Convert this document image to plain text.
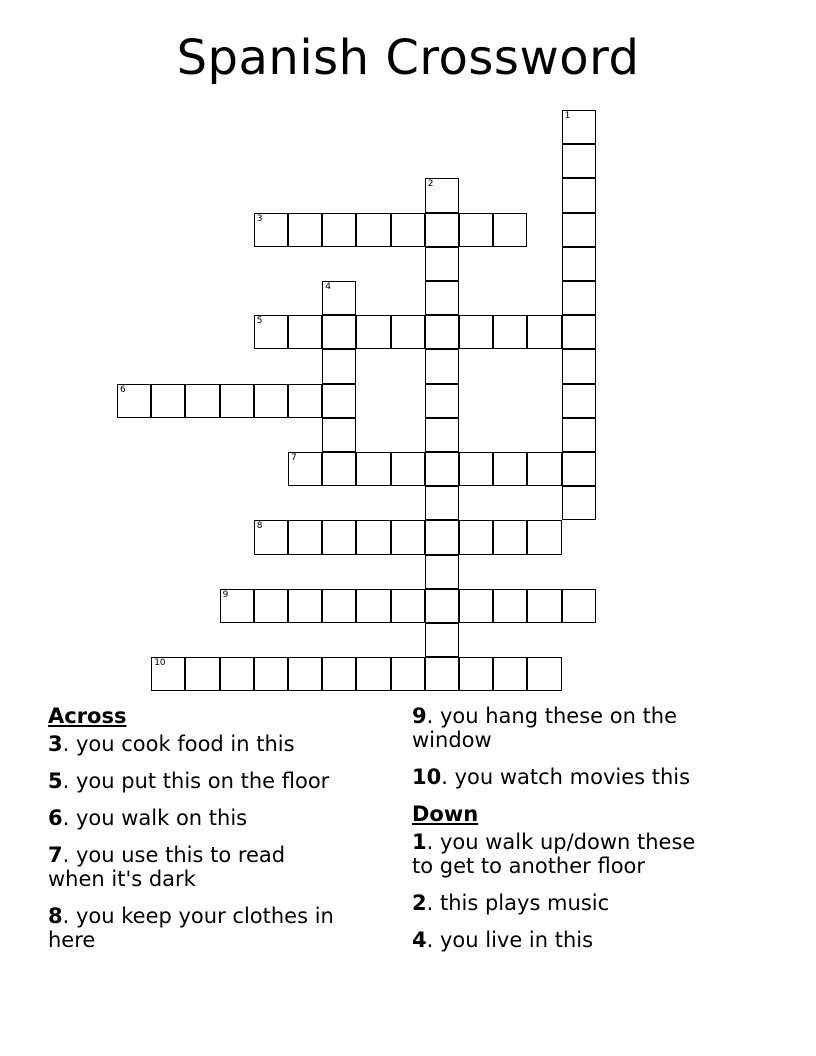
Spanish Crossword
1
2
3
4
5
6
7
8
9
10
Across
3. you cook food in this
5. you put this on the floor
6. you walk on this
7. you use this to read when it's dark
8. you keep your clothes in here
9. you hang these on the window
10. you watch movies this
Down
1. you walk up/down these to get to another floor
2. this plays music
4. you live in this
